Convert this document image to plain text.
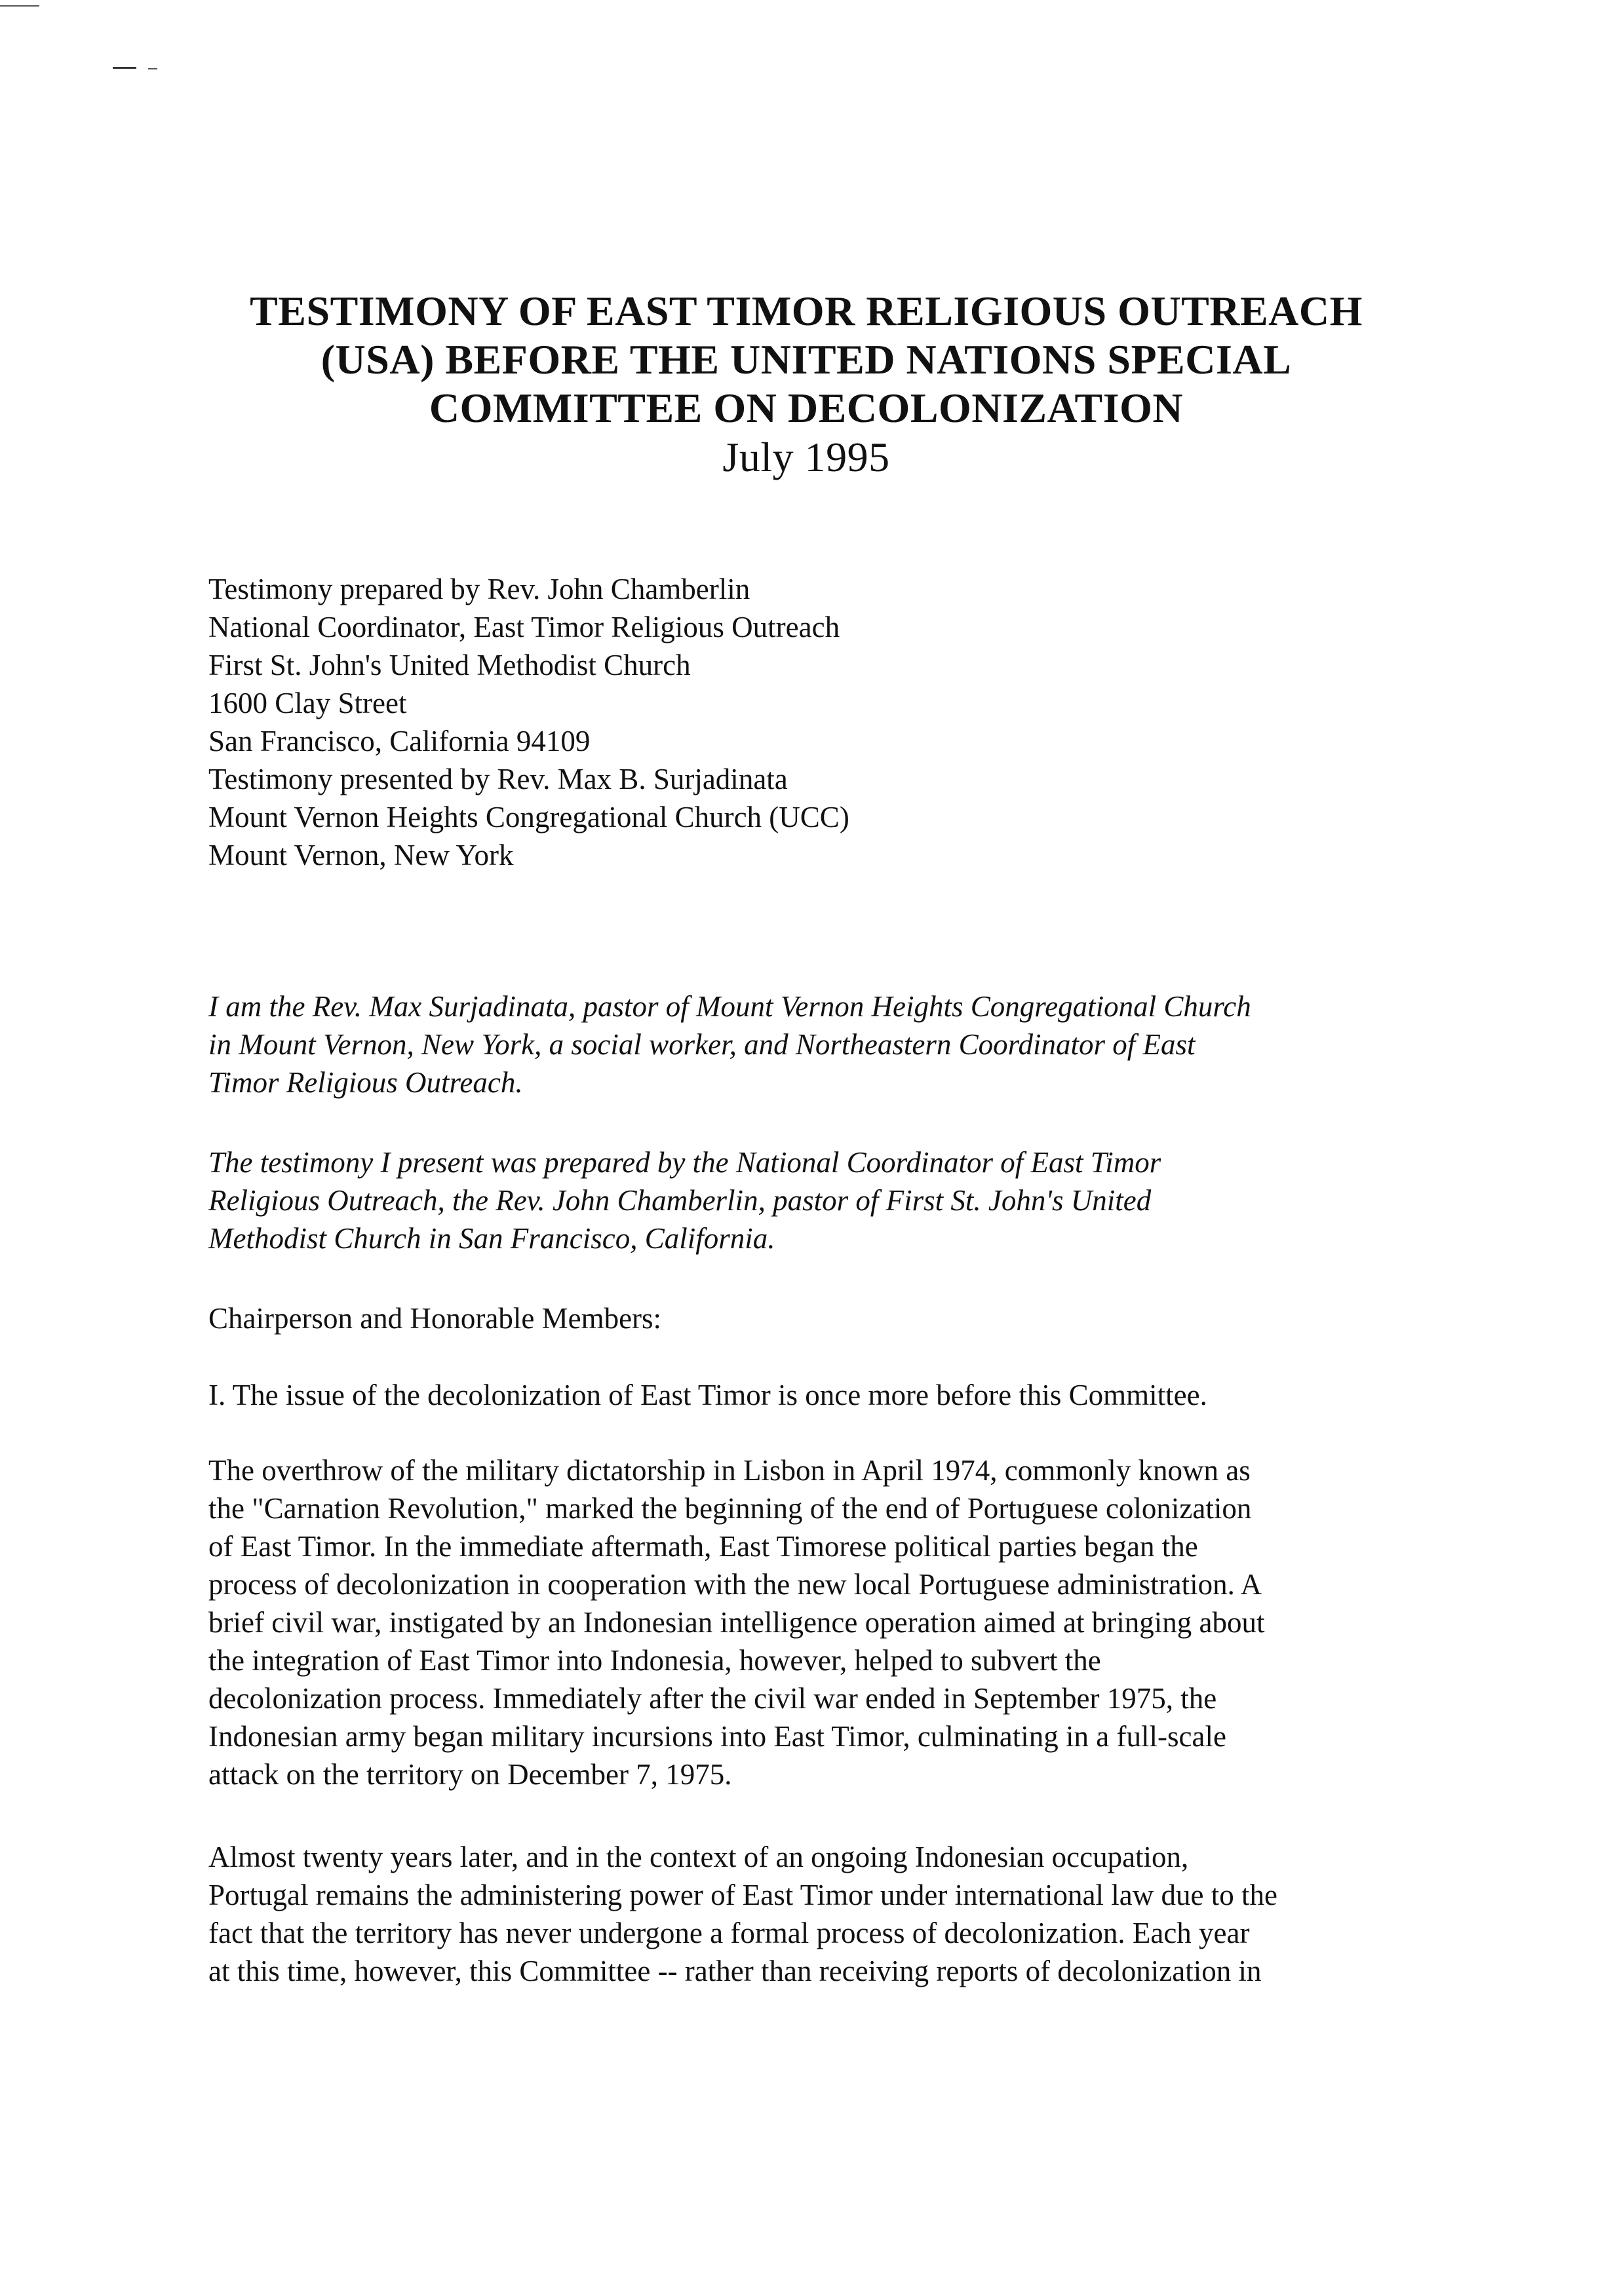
TESTIMONY OF EAST TIMOR RELIGIOUS OUTREACH
(USA) BEFORE THE UNITED NATIONS SPECIAL
COMMITTEE ON DECOLONIZATION
July 1995
Testimony prepared by Rev. John Chamberlin
National Coordinator, East Timor Religious Outreach
First St. John's United Methodist Church
1600 Clay Street
San Francisco, California 94109
Testimony presented by Rev. Max B. Surjadinata
Mount Vernon Heights Congregational Church (UCC)
Mount Vernon, New York
I am the Rev. Max Surjadinata, pastor of Mount Vernon Heights Congregational Church
in Mount Vernon, New York, a social worker, and Northeastern Coordinator of East
Timor Religious Outreach.
The testimony I present was prepared by the National Coordinator of East Timor
Religious Outreach, the Rev. John Chamberlin, pastor of First St. John's United
Methodist Church in San Francisco, California.
Chairperson and Honorable Members:
I. The issue of the decolonization of East Timor is once more before this Committee.
The overthrow of the military dictatorship in Lisbon in April 1974, commonly known as
the "Carnation Revolution," marked the beginning of the end of Portuguese colonization
of East Timor. In the immediate aftermath, East Timorese political parties began the
process of decolonization in cooperation with the new local Portuguese administration. A
brief civil war, instigated by an Indonesian intelligence operation aimed at bringing about
the integration of East Timor into Indonesia, however, helped to subvert the
decolonization process. Immediately after the civil war ended in September 1975, the
Indonesian army began military incursions into East Timor, culminating in a full-scale
attack on the territory on December 7, 1975.
Almost twenty years later, and in the context of an ongoing Indonesian occupation,
Portugal remains the administering power of East Timor under international law due to the
fact that the territory has never undergone a formal process of decolonization. Each year
at this time, however, this Committee -- rather than receiving reports of decolonization in
